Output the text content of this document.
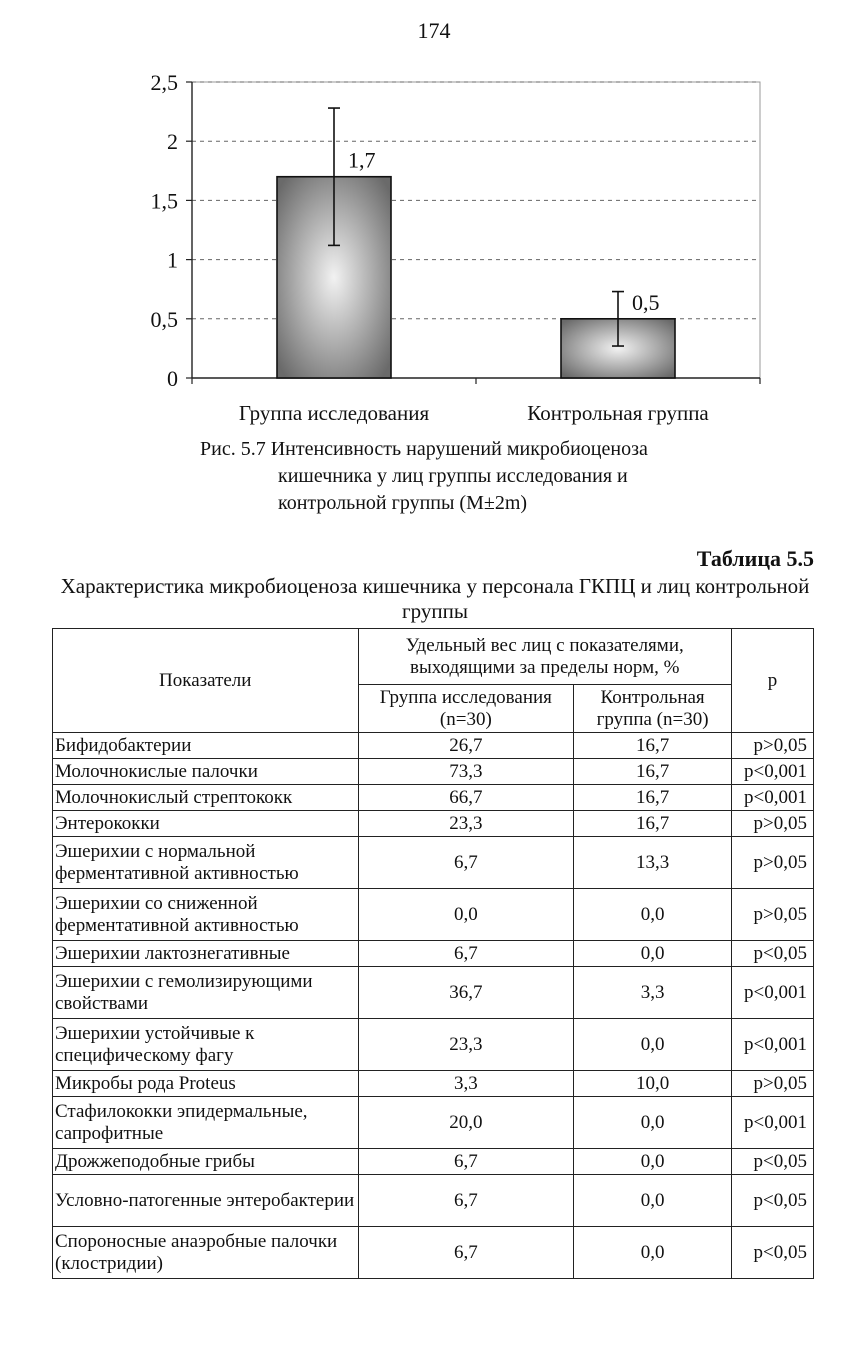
174
0
0,5
1
1,5
2
2,5
1,7
Группа исследования
0,5
Контрольная группа
Рис. 5.7 Интенсивность нарушений микробиоценоза
кишечника у лиц группы исследования и
контрольной группы (M±2m)
Таблица 5.5
Характеристика микробиоценоза кишечника у персонала ГКПЦ и лиц контрольной группы
Показатели	Удельный вес лиц с показателями, выходящими за пределы норм, %		р
	Группа исследования (n=30)	Контрольная группа (n=30)	
Бифидобактерии	26,7	16,7	р>0,05
Молочнокислые палочки	73,3	16,7	р<0,001
Молочнокислый стрептококк	66,7	16,7	р<0,001
Энтерококки	23,3	16,7	р>0,05
Эшерихии с нормальной ферментативной активностью	6,7	13,3	р>0,05
Эшерихии со сниженной ферментативной активностью	0,0	0,0	р>0,05
Эшерихии лактознегативные	6,7	0,0	р<0,05
Эшерихии с гемолизирующими свойствами	36,7	3,3	р<0,001
Эшерихии устойчивые к специфическому фагу	23,3	0,0	р<0,001
Микробы рода Proteus	3,3	10,0	р>0,05
Стафилококки эпидермальные, сапрофитные	20,0	0,0	р<0,001
Дрожжеподобные грибы	6,7	0,0	р<0,05
Условно-патогенные энтеробактерии	6,7	0,0	р<0,05
Спороносные анаэробные палочки (клостридии)	6,7	0,0	р<0,05
